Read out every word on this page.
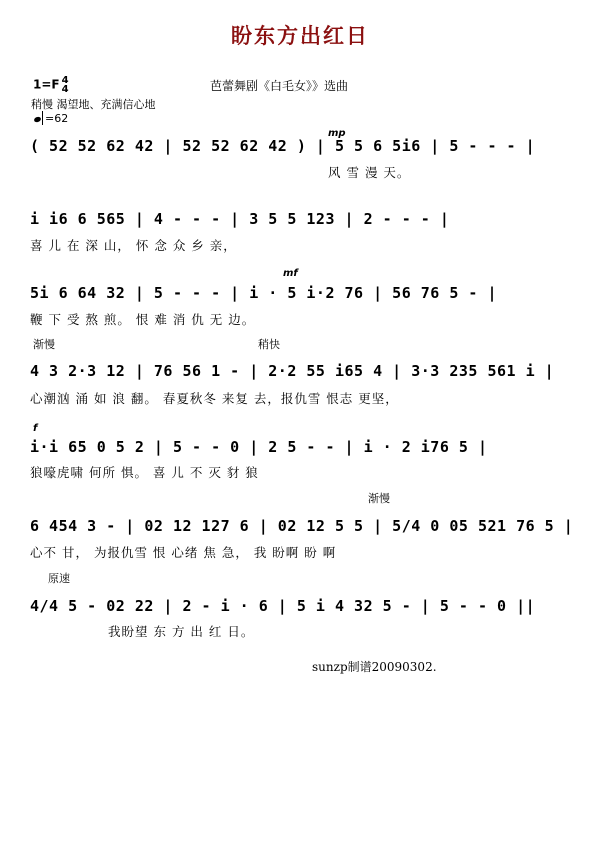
盼东方出红日
1=F 4
4	芭蕾舞剧《白毛女》》选曲
稍慢 渴望地、充满信心地
=62
mp
mf
f
渐慢	稍快
渐慢
原速
( 52 52 62 42 | 52 52 62 42 ) | 5 5 6 5i6 | 5 - - - |
风 雪 漫 天。
i i6 6 565 | 4 - - - | 3 5 5 123 | 2 - - - |
喜 儿 在 深 山， 怀 念 众 乡 亲，
5i 6 64 32 | 5 - - - | i · 5 i·2 76 | 56 76 5 - |
鞭 下 受 熬 煎。 恨 难 消 仇 无 边。
4 3 2·3 12 | 76 56 1 - | 2·2 55 i65 4 | 3·3 235 561 i |
心潮汹 涌 如 浪 翻。 春夏秋冬 来复 去，报仇雪 恨志 更坚，
i·i 65 0 5 2 | 5 - - 0 | 2 5 - - | i · 2 i76 5 |
狼嚎虎啸 何所 惧。 喜 儿 不 灭 豺 狼
6 454 3 - | 02 12 127 6 | 02 12 5 5 | 5/4 0 05 521 76 5 |
心不 甘， 为报仇雪 恨 心绪 焦 急， 我 盼啊 盼 啊
4/4 5 - 02 22 | 2 - i · 6 | 5 i 4 32 5 - | 5 - - 0 ||
我盼望 东 方 出 红 日。
sunzp制谱20090302.
